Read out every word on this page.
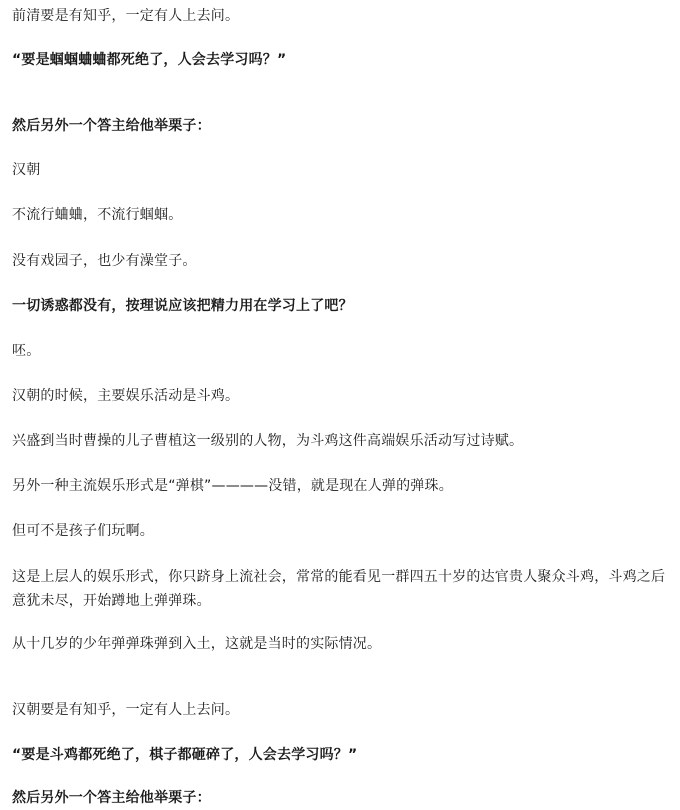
前清要是有知乎，一定有人上去问。
“要是蝈蝈蛐蛐都死绝了，人会去学习吗？”
然后另外一个答主给他举栗子：
汉朝
不流行蛐蛐，不流行蝈蝈。
没有戏园子，也少有澡堂子。
一切诱惑都没有，按理说应该把精力用在学习上了吧？
呸。
汉朝的时候，主要娱乐活动是斗鸡。
兴盛到当时曹操的儿子曹植这一级别的人物，为斗鸡这件高端娱乐活动写过诗赋。
另外一种主流娱乐形式是“弹棋”————没错，就是现在人弹的弹珠。
但可不是孩子们玩啊。
这是上层人的娱乐形式，你只跻身上流社会，常常的能看见一群四五十岁的达官贵人聚众斗鸡，斗鸡之后意犹未尽，开始蹲地上弹弹珠。
从十几岁的少年弹弹珠弹到入土，这就是当时的实际情况。
汉朝要是有知乎，一定有人上去问。
“要是斗鸡都死绝了，棋子都砸碎了，人会去学习吗？”
然后另外一个答主给他举栗子：
